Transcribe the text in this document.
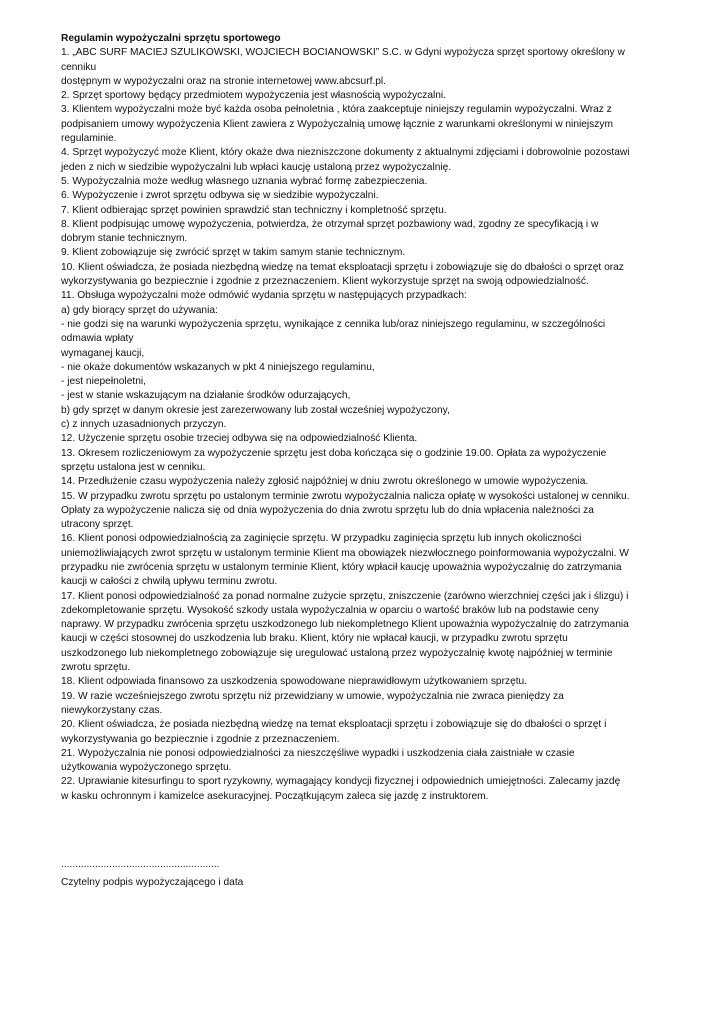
Regulamin wypożyczalni sprzętu sportowego

1. „ABC SURF MACIEJ SZULIKOWSKI, WOJCIECH BOCIANOWSKI” S.C. w Gdyni wypożycza sprzęt sportowy określony w

cenniku

dostępnym w wypożyczalni oraz na stronie internetowej www.abcsurf.pl.

2. Sprzęt sportowy będący przedmiotem wypożyczenia jest własnością wypożyczalni.

3. Klientem wypożyczalni może być każda osoba pełnoletnia , która zaakceptuje niniejszy regulamin wypożyczalni. Wraz z

podpisaniem umowy wypożyczenia Klient zawiera z Wypożyczalnią umowę łącznie z warunkami określonymi w niniejszym

regulaminie.

4. Sprzęt wypożyczyć może Klient, który okaże dwa niezniszczone dokumenty z aktualnymi zdjęciami i dobrowolnie pozostawi

jeden z nich w siedzibie wypożyczalni lub wpłaci kaucję ustaloną przez wypożyczalnię.

5. Wypożyczalnia może według własnego uznania wybrać formę zabezpieczenia.

6. Wypożyczenie i zwrot sprzętu odbywa się w siedzibie wypożyczalni.

7. Klient odbierając sprzęt powinien sprawdzić stan techniczny i kompletność sprzętu.

8. Klient podpisując umowę wypożyczenia, potwierdza, że otrzymał sprzęt pozbawiony wad, zgodny ze specyfikacją i w

dobrym stanie technicznym.

9. Klient zobowiązuje się zwrócić sprzęt w takim samym stanie technicznym.

10. Klient oświadcza, że posiada niezbędną wiedzę na temat eksploatacji sprzętu i zobowiązuje się do dbałości o sprzęt oraz

wykorzystywania go bezpiecznie i zgodnie z przeznaczeniem. Klient wykorzystuje sprzęt na swoją odpowiedzialność.

11. Obsługa wypożyczalni może odmówić wydania sprzętu w następujących przypadkach:

a) gdy biorący sprzęt do używania:

- nie godzi się na warunki wypożyczenia sprzętu, wynikające z cennika lub/oraz niniejszego regulaminu, w szczególności

odmawia wpłaty

wymaganej kaucji,

- nie okaże dokumentów wskazanych w pkt 4 niniejszego regulaminu,

- jest niepełnoletni,

- jest w stanie wskazującym na działanie środków odurzających,

b) gdy sprzęt w danym okresie jest zarezerwowany lub został wcześniej wypożyczony,

c) z innych uzasadnionych przyczyn.

12. Użyczenie sprzętu osobie trzeciej odbywa się na odpowiedzialność Klienta.

13. Okresem rozliczeniowym za wypożyczenie sprzętu jest doba kończąca się o godzinie 19.00. Opłata za wypożyczenie

sprzętu ustalona jest w cenniku.

14. Przedłużenie czasu wypożyczenia należy zgłosić najpóźniej w dniu zwrotu określonego w umowie wypożyczenia.

15. W przypadku zwrotu sprzętu po ustalonym terminie zwrotu wypożyczalnia nalicza opłatę w wysokości ustalonej w cenniku.

Opłaty za wypożyczenie nalicza się od dnia wypożyczenia do dnia zwrotu sprzętu lub do dnia wpłacenia należności za

utracony sprzęt.

16. Klient ponosi odpowiedzialnością za zaginięcie sprzętu. W przypadku zaginięcia sprzętu lub innych okoliczności

uniemożliwiających zwrot sprzętu w ustalonym terminie Klient ma obowiązek niezwłocznego poinformowania wypożyczalni. W

przypadku nie zwrócenia sprzętu w ustalonym terminie Klient, który wpłacił kaucję upoważnia wypożyczalnię do zatrzymania

kaucji w całości z chwilą upływu terminu zwrotu.

17. Klient ponosi odpowiedzialność za ponad normalne zużycie sprzętu, zniszczenie (zarówno wierzchniej części jak i ślizgu) i

zdekompletowanie sprzętu. Wysokość szkody ustala wypożyczalnia w oparciu o wartość braków lub na podstawie ceny

naprawy. W przypadku zwrócenia sprzętu uszkodzonego lub niekompletnego Klient upoważnia wypożyczalnię do zatrzymania

kaucji w części stosownej do uszkodzenia lub braku. Klient, który nie wpłacał kaucji, w przypadku zwrotu sprzętu

uszkodzonego lub niekompletnego zobowiązuje się uregulować ustaloną przez wypożyczalnię kwotę najpóźniej w terminie

zwrotu sprzętu.

18. Klient odpowiada finansowo za uszkodzenia spowodowane nieprawidłowym użytkowaniem sprzętu.

19. W razie wcześniejszego zwrotu sprzętu niż przewidziany w umowie, wypożyczalnia nie zwraca pieniędzy za

niewykorzystany czas.

20. Klient oświadcza, że posiada niezbędną wiedzę na temat eksploatacji sprzętu i zobowiązuje się do dbałości o sprzęt i

wykorzystywania go bezpiecznie i zgodnie z przeznaczeniem.

21. Wypożyczalnia nie ponosi odpowiedzialności za nieszczęśliwe wypadki i uszkodzenia ciała zaistniałe w czasie

użytkowania wypożyczonego sprzętu.

22. Uprawianie kitesurfingu to sport ryzykowny, wymagający kondycji fizycznej i odpowiednich umiejętności. Zalecamy jazdę

w kasku ochronnym i kamizelce asekuracyjnej. Początkującym zaleca się jazdę z instruktorem.

........................................................

Czytelny podpis wypożyczającego i data
